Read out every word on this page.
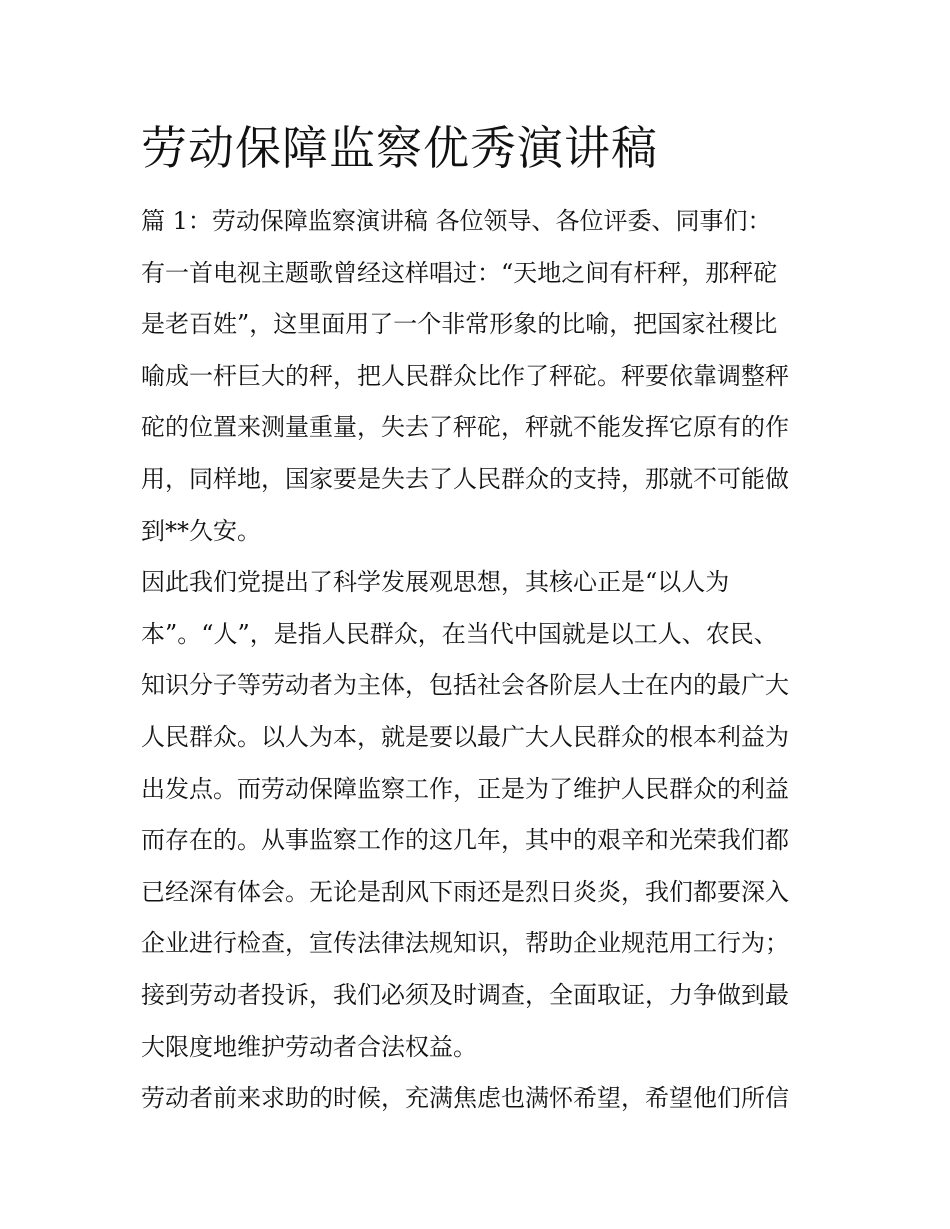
劳动保障监察优秀演讲稿
篇 1：劳动保障监察演讲稿 各位领导、各位评委、同事们：
有一首电视主题歌曾经这样唱过：“天地之间有杆秤，那秤砣
是老百姓”，这里面用了一个非常形象的比喻，把国家社稷比
喻成一杆巨大的秤，把人民群众比作了秤砣。秤要依靠调整秤
砣的位置来测量重量，失去了秤砣，秤就不能发挥它原有的作
用，同样地，国家要是失去了人民群众的支持，那就不可能做
到**久安。
因此我们党提出了科学发展观思想，其核心正是“以人为
本”。“人”，是指人民群众，在当代中国就是以工人、农民、
知识分子等劳动者为主体，包括社会各阶层人士在内的最广大
人民群众。以人为本，就是要以最广大人民群众的根本利益为
出发点。而劳动保障监察工作，正是为了维护人民群众的利益
而存在的。从事监察工作的这几年，其中的艰辛和光荣我们都
已经深有体会。无论是刮风下雨还是烈日炎炎，我们都要深入
企业进行检查，宣传法律法规知识，帮助企业规范用工行为；
接到劳动者投诉，我们必须及时调查，全面取证，力争做到最
大限度地维护劳动者合法权益。
劳动者前来求助的时候，充满焦虑也满怀希望，希望他们所信
